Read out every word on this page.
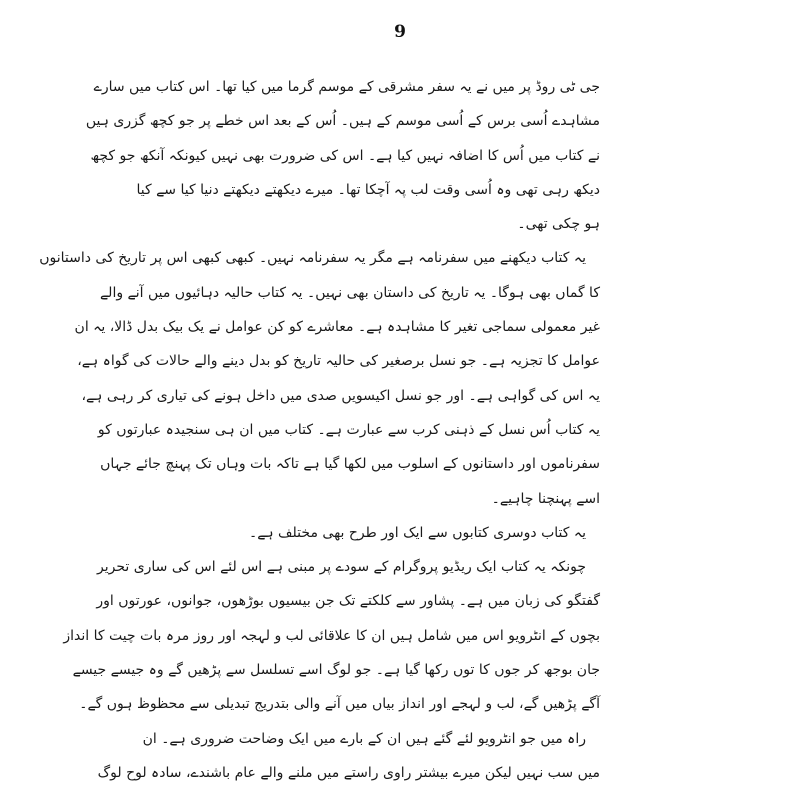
9
جی ٹی روڈ پر میں نے یہ سفر مشرقی کے موسم گرما میں کیا تھا۔ اس کتاب میں سارے
مشاہدے اُسی برس کے اُسی موسم کے ہیں۔ اُس کے بعد اس خطے پر جو کچھ گزری ہیں
نے کتاب میں اُس کا اضافہ نہیں کیا ہے۔ اس کی ضرورت بھی نہیں کیونکہ آنکھ جو کچھ
دیکھ رہی تھی وہ اُسی وقت لب پہ آچکا تھا۔ میرے دیکھتے دیکھتے دنیا کیا سے کیا
ہو چکی تھی۔
یہ کتاب دیکھنے میں سفرنامہ ہے مگر یہ سفرنامہ نہیں۔ کبھی کبھی اس پر تاریخ کی داستانوں
کا گماں بھی ہوگا۔ یہ تاریخ کی داستان بھی نہیں۔ یہ کتاب حالیہ دہائیوں میں آنے والے
غیر معمولی سماجی تغیر کا مشاہدہ ہے۔ معاشرے کو کن عوامل نے یک بیک بدل ڈالا، یہ ان
عوامل کا تجزیہ ہے۔ جو نسل برصغیر کی حالیہ تاریخ کو بدل دینے والے حالات کی گواہ ہے،
یہ اس کی گواہی ہے۔ اور جو نسل اکیسویں صدی میں داخل ہونے کی تیاری کر رہی ہے،
یہ کتاب اُس نسل کے ذہنی کرب سے عبارت ہے۔ کتاب میں ان ہی سنجیدہ عبارتوں کو
سفرناموں اور داستانوں کے اسلوب میں لکھا گیا ہے تاکہ بات وہاں تک پہنچ جائے جہاں
اسے پہنچنا چاہیے۔
یہ کتاب دوسری کتابوں سے ایک اور طرح بھی مختلف ہے۔
چونکہ یہ کتاب ایک ریڈیو پروگرام کے سودے پر مبنی ہے اس لئے اس کی ساری تحریر
گفتگو کی زبان میں ہے۔ پشاور سے کلکتے تک جن بیسیوں بوڑھوں، جوانوں، عورتوں اور
بچوں کے انٹرویو اس میں شامل ہیں ان کا علاقائی لب و لہجہ اور روز مرہ بات چیت کا انداز
جان بوجھ کر جوں کا توں رکھا گیا ہے۔ جو لوگ اسے تسلسل سے پڑھیں گے وہ جیسے جیسے
آگے پڑھیں گے، لب و لہجے اور انداز بیاں میں آنے والی بتدریج تبدیلی سے محظوظ ہوں گے۔
راہ میں جو انٹرویو لئے گئے ہیں ان کے بارے میں ایک وضاحت ضروری ہے۔ ان
میں سب نہیں لیکن میرے بیشتر راوی راستے میں ملنے والے عام باشندے، سادہ لوح لوگ
